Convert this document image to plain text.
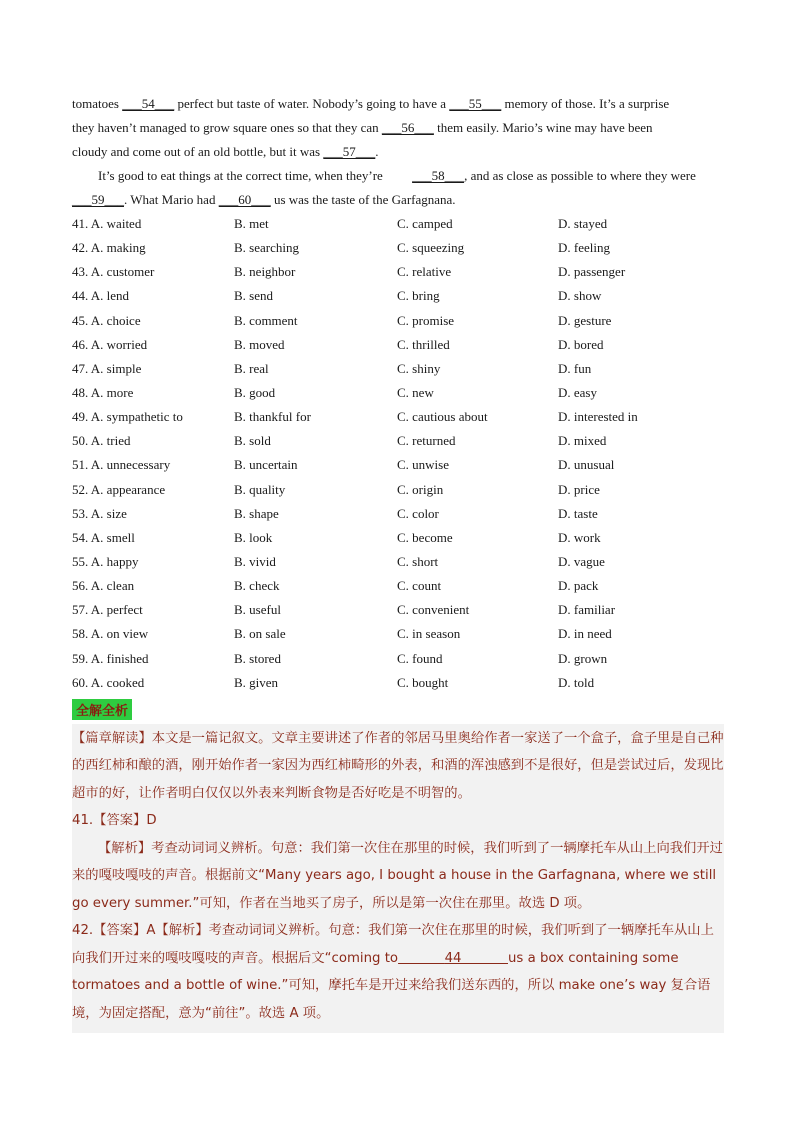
tomatoes ___54___ perfect but taste of water. Nobody’s going to have a ___55___ memory of those. It’s a surprise
they haven’t managed to grow square ones so that they can ___56___ them easily. Mario’s wine may have been
cloudy and come out of an old bottle, but it was ___57___.

It’s good to eat things at the correct time, when they’re ___58___, and as close as possible to where they were

___59___. What Mario had ___60___ us was the taste of the Garfagnana.

41. A. waited	B. met	C. camped	D. stayed
42. A. making	B. searching	C. squeezing	D. feeling
43. A. customer	B. neighbor	C. relative	D. passenger
44. A. lend	B. send	C. bring	D. show
45. A. choice	B. comment	C. promise	D. gesture
46. A. worried	B. moved	C. thrilled	D. bored
47. A. simple	B. real	C. shiny	D. fun
48. A. more	B. good	C. new	D. easy
49. A. sympathetic to	B. thankful for	C. cautious about	D. interested in
50. A. tried	B. sold	C. returned	D. mixed
51. A. unnecessary	B. uncertain	C. unwise	D. unusual
52. A. appearance	B. quality	C. origin	D. price
53. A. size	B. shape	C. color	D. taste
54. A. smell	B. look	C. become	D. work
55. A. happy	B. vivid	C. short	D. vague
56. A. clean	B. check	C. count	D. pack
57. A. perfect	B. useful	C. convenient	D. familiar
58. A. on view	B. on sale	C. in season	D. in need
59. A. finished	B. stored	C. found	D. grown
60. A. cooked	B. given	C. bought	D. told
全解全析

【篇章解读】本文是一篇记叙文。文章主要讲述了作者的邻居马里奥给作者一家送了一个盒子，盒子里是自己种的西红柿和酿的酒，刚开始作者一家因为西红柿畸形的外表，和酒的浑浊感到不是很好，但是尝试过后，发现比超市的好，让作者明白仅仅以外表来判断食物是否好吃是不明智的。

41.【答案】D

【解析】考查动词词义辨析。句意：我们第一次住在那里的时候，我们听到了一辆摩托车从山上向我们开过来的嘎吱嘎吱的声音。根据前文“Many years ago, I bought a house in the Garfagnana, where we still go every summer.”可知，作者在当地买了房子，所以是第一次住在那里。故选 D 项。

42.【答案】A【解析】考查动词词义辨析。句意：我们第一次住在那里的时候，我们听到了一辆摩托车从山上向我们开过来的嘎吱嘎吱的声音。根据后文“coming to	44	us a box containing some tormatoes and a bottle of wine.”可知，摩托车是开过来给我们送东西的，所以 make one’s way 复合语境，为固定搭配，意为“前往”。故选 A 项。
